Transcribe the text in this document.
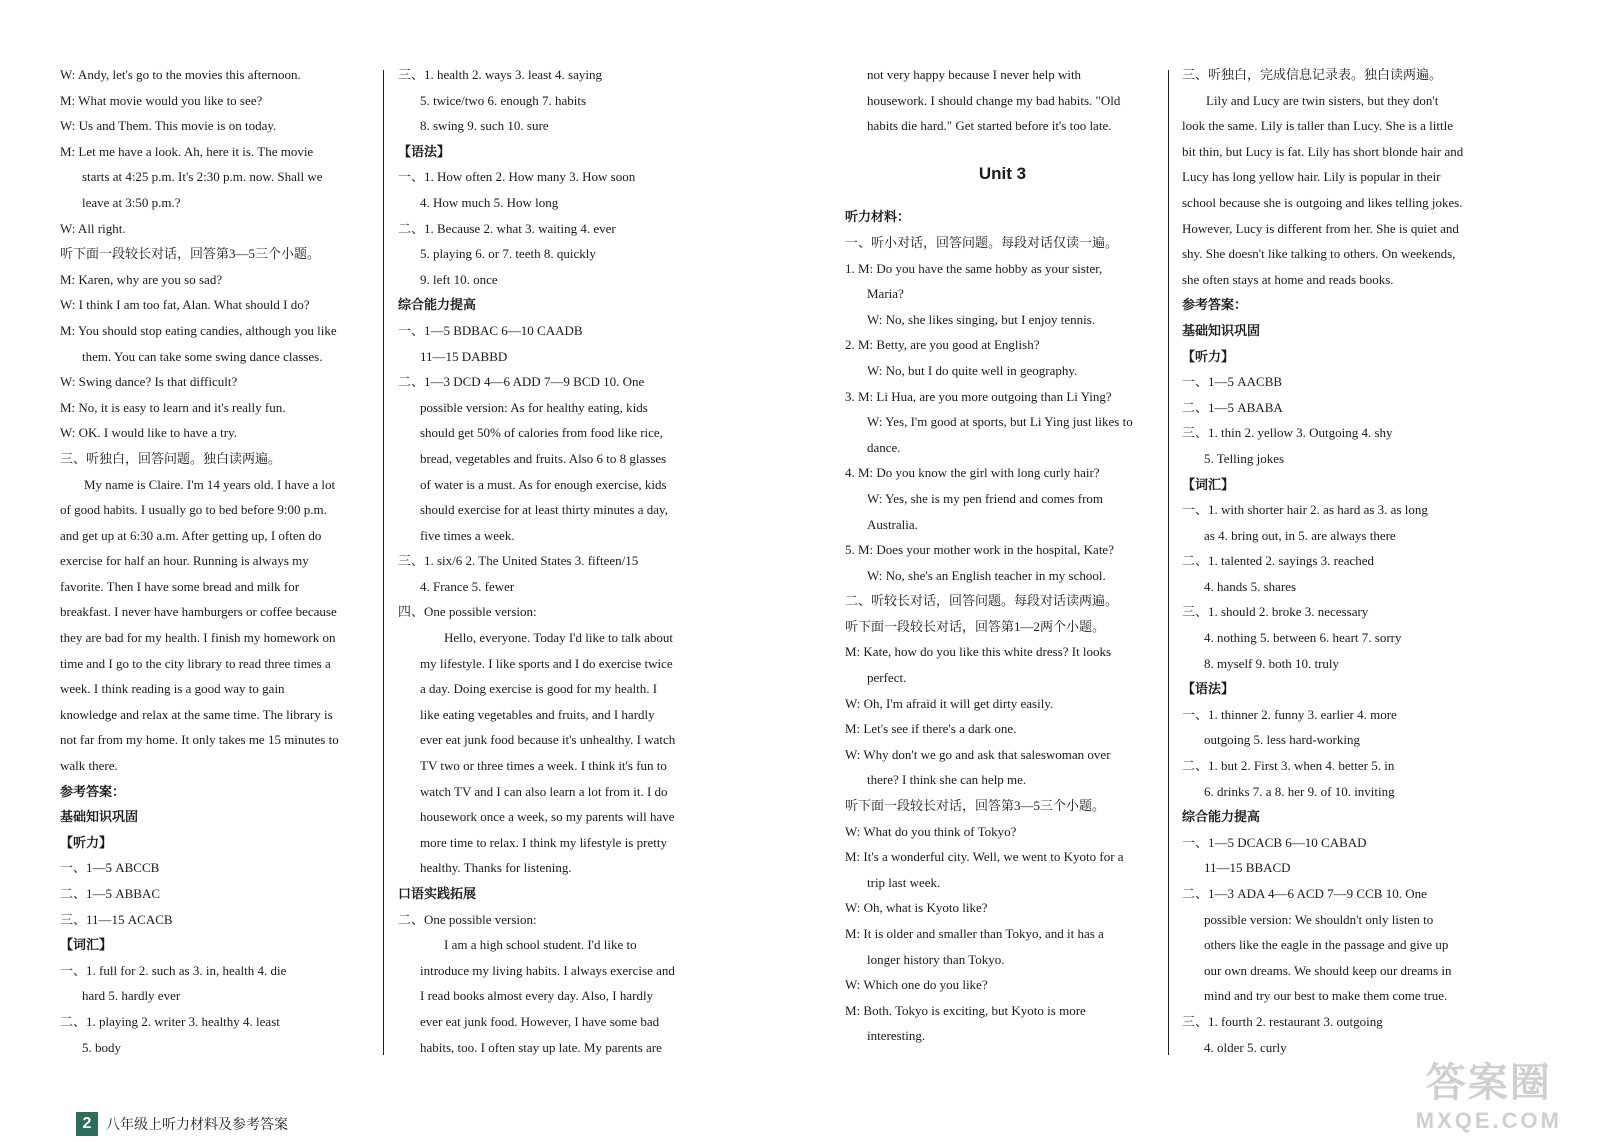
W: Andy, let's go to the movies this afternoon.
M: What movie would you like to see?
W: Us and Them. This movie is on today.
M: Let me have a look. Ah, here it is. The movie
starts at 4:25 p.m. It's 2:30 p.m. now. Shall we
leave at 3:50 p.m.?
W: All right.
听下面一段较长对话，回答第3—5三个小题。
M: Karen, why are you so sad?
W: I think I am too fat, Alan. What should I do?
M: You should stop eating candies, although you like
them. You can take some swing dance classes.
W: Swing dance? Is that difficult?
M: No, it is easy to learn and it's really fun.
W: OK. I would like to have a try.
三、听独白，回答问题。独白读两遍。
My name is Claire. I'm 14 years old. I have a lot
of good habits. I usually go to bed before 9:00 p.m.
and get up at 6:30 a.m. After getting up, I often do
exercise for half an hour. Running is always my
favorite. Then I have some bread and milk for
breakfast. I never have hamburgers or coffee because
they are bad for my health. I finish my homework on
time and I go to the city library to read three times a
week. I think reading is a good way to gain
knowledge and relax at the same time. The library is
not far from my home. It only takes me 15 minutes to
walk there.
参考答案：
基础知识巩固
【听力】
一、1—5 ABCCB
二、1—5 ABBAC
三、11—15 ACACB
【词汇】
一、1. full for 2. such as 3. in, health 4. die
hard 5. hardly ever
二、1. playing 2. writer 3. healthy 4. least
5. body
三、1. health 2. ways 3. least 4. saying
5. twice/two 6. enough 7. habits
8. swing 9. such 10. sure
【语法】
一、1. How often 2. How many 3. How soon
4. How much 5. How long
二、1. Because 2. what 3. waiting 4. ever
5. playing 6. or 7. teeth 8. quickly
9. left 10. once
综合能力提高
一、1—5 BDBAC 6—10 CAADB
11—15 DABBD
二、1—3 DCD 4—6 ADD 7—9 BCD 10. One
possible version: As for healthy eating, kids
should get 50% of calories from food like rice,
bread, vegetables and fruits. Also 6 to 8 glasses
of water is a must. As for enough exercise, kids
should exercise for at least thirty minutes a day,
five times a week.
三、1. six/6 2. The United States 3. fifteen/15
4. France 5. fewer
四、One possible version:
Hello, everyone. Today I'd like to talk about
my lifestyle. I like sports and I do exercise twice
a day. Doing exercise is good for my health. I
like eating vegetables and fruits, and I hardly
ever eat junk food because it's unhealthy. I watch
TV two or three times a week. I think it's fun to
watch TV and I can also learn a lot from it. I do
housework once a week, so my parents will have
more time to relax. I think my lifestyle is pretty
healthy. Thanks for listening.
口语实践拓展
二、One possible version:
I am a high school student. I'd like to
introduce my living habits. I always exercise and
I read books almost every day. Also, I hardly
ever eat junk food. However, I have some bad
habits, too. I often stay up late. My parents are
not very happy because I never help with
housework. I should change my bad habits. "Old
habits die hard." Get started before it's too late.
Unit 3
听力材料：
一、听小对话，回答问题。每段对话仅读一遍。
1. M: Do you have the same hobby as your sister,
Maria?
W: No, she likes singing, but I enjoy tennis.
2. M: Betty, are you good at English?
W: No, but I do quite well in geography.
3. M: Li Hua, are you more outgoing than Li Ying?
W: Yes, I'm good at sports, but Li Ying just likes to
dance.
4. M: Do you know the girl with long curly hair?
W: Yes, she is my pen friend and comes from
Australia.
5. M: Does your mother work in the hospital, Kate?
W: No, she's an English teacher in my school.
二、听较长对话，回答问题。每段对话读两遍。
听下面一段较长对话，回答第1—2两个小题。
M: Kate, how do you like this white dress? It looks
perfect.
W: Oh, I'm afraid it will get dirty easily.
M: Let's see if there's a dark one.
W: Why don't we go and ask that saleswoman over
there? I think she can help me.
听下面一段较长对话，回答第3—5三个小题。
W: What do you think of Tokyo?
M: It's a wonderful city. Well, we went to Kyoto for a
trip last week.
W: Oh, what is Kyoto like?
M: It is older and smaller than Tokyo, and it has a
longer history than Tokyo.
W: Which one do you like?
M: Both. Tokyo is exciting, but Kyoto is more
interesting.
三、听独白，完成信息记录表。独白读两遍。
Lily and Lucy are twin sisters, but they don't
look the same. Lily is taller than Lucy. She is a little
bit thin, but Lucy is fat. Lily has short blonde hair and
Lucy has long yellow hair. Lily is popular in their
school because she is outgoing and likes telling jokes.
However, Lucy is different from her. She is quiet and
shy. She doesn't like talking to others. On weekends,
she often stays at home and reads books.
参考答案：
基础知识巩固
【听力】
一、1—5 AACBB
二、1—5 ABABA
三、1. thin 2. yellow 3. Outgoing 4. shy
5. Telling jokes
【词汇】
一、1. with shorter hair 2. as hard as 3. as long
as 4. bring out, in 5. are always there
二、1. talented 2. sayings 3. reached
4. hands 5. shares
三、1. should 2. broke 3. necessary
4. nothing 5. between 6. heart 7. sorry
8. myself 9. both 10. truly
【语法】
一、1. thinner 2. funny 3. earlier 4. more
outgoing 5. less hard-working
二、1. but 2. First 3. when 4. better 5. in
6. drinks 7. a 8. her 9. of 10. inviting
综合能力提高
一、1—5 DCACB 6—10 CABAD
11—15 BBACD
二、1—3 ADA 4—6 ACD 7—9 CCB 10. One
possible version: We shouldn't only listen to
others like the eagle in the passage and give up
our own dreams. We should keep our dreams in
mind and try our best to make them come true.
三、1. fourth 2. restaurant 3. outgoing
4. older 5. curly
2	八年级上听力材料及参考答案
答案圈
MXQE.COM
